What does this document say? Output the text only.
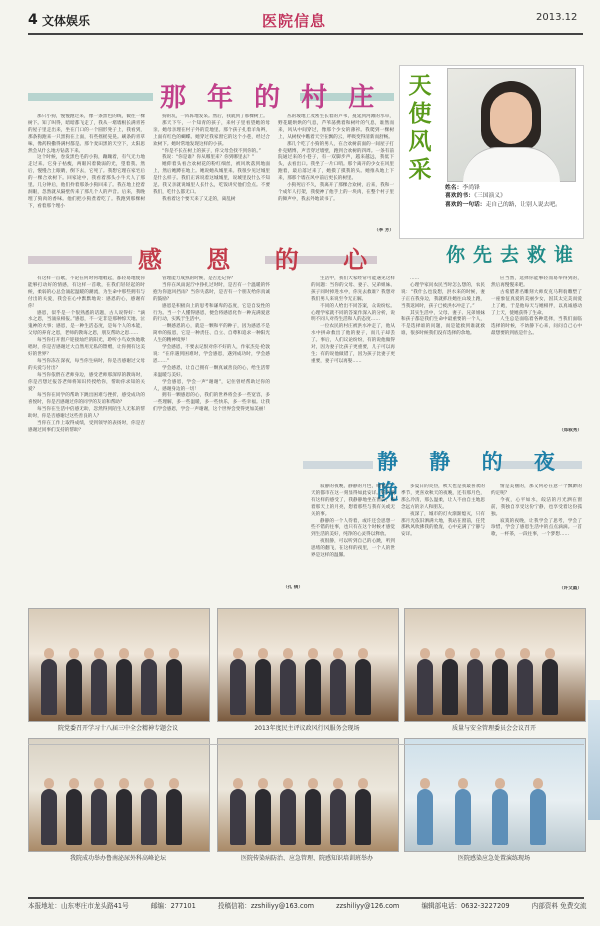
4 文体娱乐	医院信息	2013.12
那 年 的 村 庄

那只小狗，慢慢跑过来，像一条黑色的线，微往一棵树下。知了叫得，暗暗都飞走了，我从一堵墙根长满青苔的屋子里走出来，坐在门口的一个圆形凳子上，我看到，那条狗跑来一只黑狗在上面，有些摇摇晃晃。刷条的青草味，像药粉撒得满村都是。那个麦田黑的天空下，太阳思然会从什么地方钻落下来。

这个时候，卷发黑色毛的小狗，蹦蹦着，有气无力地走过来。它身子枯瘦，两眼闪着微弱的光，望着我。然后，慢慢合上眼睛，倒下去，它死了。我想它理在家宅后的一棵合欢树下。回家途中，我看着那头小牛犬人了那里。几分钟后，他们拎着那条小狗回来了。我在地上挖着洞眼，忽然就从隔壁传来了那几个人的声音。后来，我晚埋了狗肉的香味。他们把小狗煮着吃了。我跑到那棵树下，看着那个埋小

狗的坑，一阵阵地发呆。然后，我就到了那棵树上。

那天下午，一个知青的孩子，来村子里看望她的母亲。她母亲理在村子外的荒地里。那个孩子扎着羊角辫，上面有红色的蝴蝶。她穿过我家窗它的这个小巷，经过合欢树下。她时常地发现这样的小孩。

“你是不长在树上的孩子，你父母会找不到你的。”

我说：“你是谁？你从哪里来？你到哪里去？”

她仰着头看合欢树花的粉红细丝，被风吹落到地面上，然后她蹲在地上。她说她从城里来。我很少见过城里是什么样子。我们正诉说着这城城里，说城里没什么不知足。我又亲就说城里人长什么，吃饭讲究他们会点。不要我们，吃什么都无口。

我看着这个要天来了又走的，离乱树

丛的坡地上茂密生长着的芦苇，蔓延到河滩的水草，野花暖烘烘的气息，芦苇荡携着和树叶的气息，谁然而来，风从中间穿过，像那个少女的薄衫。我爬到一棵树上，从树杈中瞧着天空在飘的云，呼吸变得清新而舒畅。

那几个吃了小狗的男人，在合欢树前面的一间屋子打扑克赌博，声音穿过墙壁，跑到合欢树的四周。一条有前院通过来的小巷子，有一双脚步声，越来越远，我低下头，去看出口。我坐了一片口哨。那个离开的少女在风里跑着，最后落过来了，她摸了摸我的头。她推从地上下来，那那个墙在风中前后更长的树里。

小狗死后不久，我离开了那棵合欢树，后来，我和一个成年人打架，我使神了他手上的一块肉，在整个村子里的舞声中，我去外地读书了。

（李 芳）

天
使
风
采
姓名：李尚锋
喜欢的书：《三国演义》
喜欢的一句话：走自己的路，让别人说去吧。
感 恩 的 心

有这样一首歌，不论在何时何地唱起，都轻易地使你能够打动好的情感，有这样一首歌，在我们轻轻起的时候，柔弱的心总会涌起温暖的潮流，为生命中那些拥有与付出的关爱，我会在心中默默地说：感恩的心，感谢有你！

感恩，似乎是一个很熟悉的话题，古人说得好：“滴水之恩，当涌泉相报。”感恩，不一定非是那种惊天地、泣鬼神的大事；感恩，是一种生活态度，是每个人的本能，父母的养育之恩，老师的教诲之恩，朋友帮助之恩……

每当你打开窗户迎接灿烂的阳光，聆听小鸟欢快地歌唱时，你是否感谢过大自然用无私的馈赠，让你拥有这美好的世界？

每当你冻在深夜，每当你生病时，你是否感谢过父母的关爱与付出？

每当你依偎在老师身边，感受老师那深厚的教诲时，你是否想过报答老师将知识传授给你，帮助你求知的关爱？

每当你在同学的帮助下跳出困难与挫折，感受成功的喜悦时，你是否感谢过你的同学的友谊和帮助？

每当你在生活中倍感无助，忽然得到陌生人无私的帮助时，你是否感谢过这些善良的人？

当你在工作上取得成绩，受到领导的表扬时，你是否感谢过同事们支持的帮助？

管理能力成熟的时候，是否还记得？

当你在风雨泥泞中挣扎过时时，是否有一个温暖的怀抱为你遮风挡雨？当你失落时，是否有一个朋友给你真诚的鼓励？

感恩是积极向上的思考和谦卑的态度，它是自发性的行为。当一个人懂得感恩，便会将感恩化作一种充满爱意的行动，实践于生活中。

一颗感恩的心，就是一颗和平的种子，因为感恩不是简单的报恩，它是一种责任、自立、自尊和追求一种阳光人生的精神境界！

学会感恩，不要去记恨对你不好的人，作家杰克·伦敦说：“在你遇到困难时，学会感恩，遇到成功时，学会感恩……”

学会感恩，让自己拥有一颗真诚善良的心，给生活带来温暖与美好。

学会感恩，学会一声“谢谢”，记住曾经帮助过你的人，感谢身边的一切！

拥有一颗感恩的心，我们的世界将会多一些宽容，多一些理解，多一些温暖，多一些快乐，多一些幸福。让我们学会感恩，学会一声谢谢，这个世界会变得更加美丽！

（孔 倩）

你先去救谁

生活中，我们大家经常可能遇见这样的问题：当你的父母、妻子、兄弟姐妹、孩子同时掉进水中，你先去救谁？我想对我们男人来说至今无正解。

不同的人给出不同答案，众说纷纭。心理学家就不同的答案作深入的分析，说明不同人对待生活和人的态度……

一位农民的村庄被洪水冲走了，他从水中拼命救出了他的妻子，而儿子却丢了。事后，人们议论纷纷，有的说他做得对，因为妻子比孩子更重要，儿子可以再生；有的说他做错了，因为孩子比妻子更重要，妻子可以再娶……

……

心理学家问农民当时怎么想的，农民说：“我什么也没想，洪水来的时候，妻子正在我身边，我就抓住她往山坡上跑，当我返回时，孩子已被洪水冲走了。”

其实生活中，父母、妻子、兄弟姐妹和孩子都是我们生命中最重要的一个人，不是选择谁的问题，而是能救到谁就救谁，很多时候我们没有选择的余地。

应当然，选择你能够轻而易举得到的，然后再慢慢来吧。

古希腊著名雕刻大师皮克马利翁雕塑了一座象征真爱的美丽少女，因其太完美而爱上了她，于是他每天与她相伴，以真诚感动了上天，使她获得了生命。

人生总是面临着各种选择，当我们面临选择的时候，不妨静下心来，问问自己心中最想要的到底是什么。

（郑叙秀）

静 静 的 夜 晚

寂静的夜晚，静静的月色，喂食了一天的都市在这一刻显得如此安详。好久没有这样的感受了，我静静地坐在窗前，看着那天上的月亮，想着那些与我有关或无关的事。

静静的一个人待着，或许还会思想一些不错的往事，也只有在这个时候才感觉到生活的美好，纯净的心灵得以释放。

夜很静，可以听到自己的心跳，听到思绪的翻飞，在这样的夜里，一个人的世界是这样的温馨。

多夏日的炎热，秋天也是我最喜欢的季节，更喜欢秋天的夜晚，还有那月色，那么冷清，那么温柔，让人不由自主地思念远方的亲人和朋友。

夜深了，城市的灯火渐渐熄灭，只有那月光依旧洒满大地，我站在窗前，任凭那秋风吹拂我的脸庞，心中充满了宁静与安详。

情是美丽的，那又何必在意一个飘渺的约定呢？

今夜，心平如水，皎洁的月光洒在窗前，我独自享受这份宁静，也享受着这份孤独。

寂寞的夜晚，让我学会了思考，学会了珍惜，学会了感恩生活中的点点滴滴。一首歌，一杯茶，一段往事，一个梦想……

（许文霞）

院党委召开学习十八届三中全会精神专题会议	2013年度民主评议政风行风服务会现场	质量与安全管理委员会会议召开
我院成功举办鲁南泌尿外科高峰论坛	医院传染病防治、应急管理、院感知识培训班举办	医院感染应急处置演练现场
本报地址：山东枣庄市龙头路41号	邮编：277101	投稿信箱：zzshiliyy@163.com	zzshiliyy@126.com	编辑部电话：0632-3227209	内部资料 免费交流
